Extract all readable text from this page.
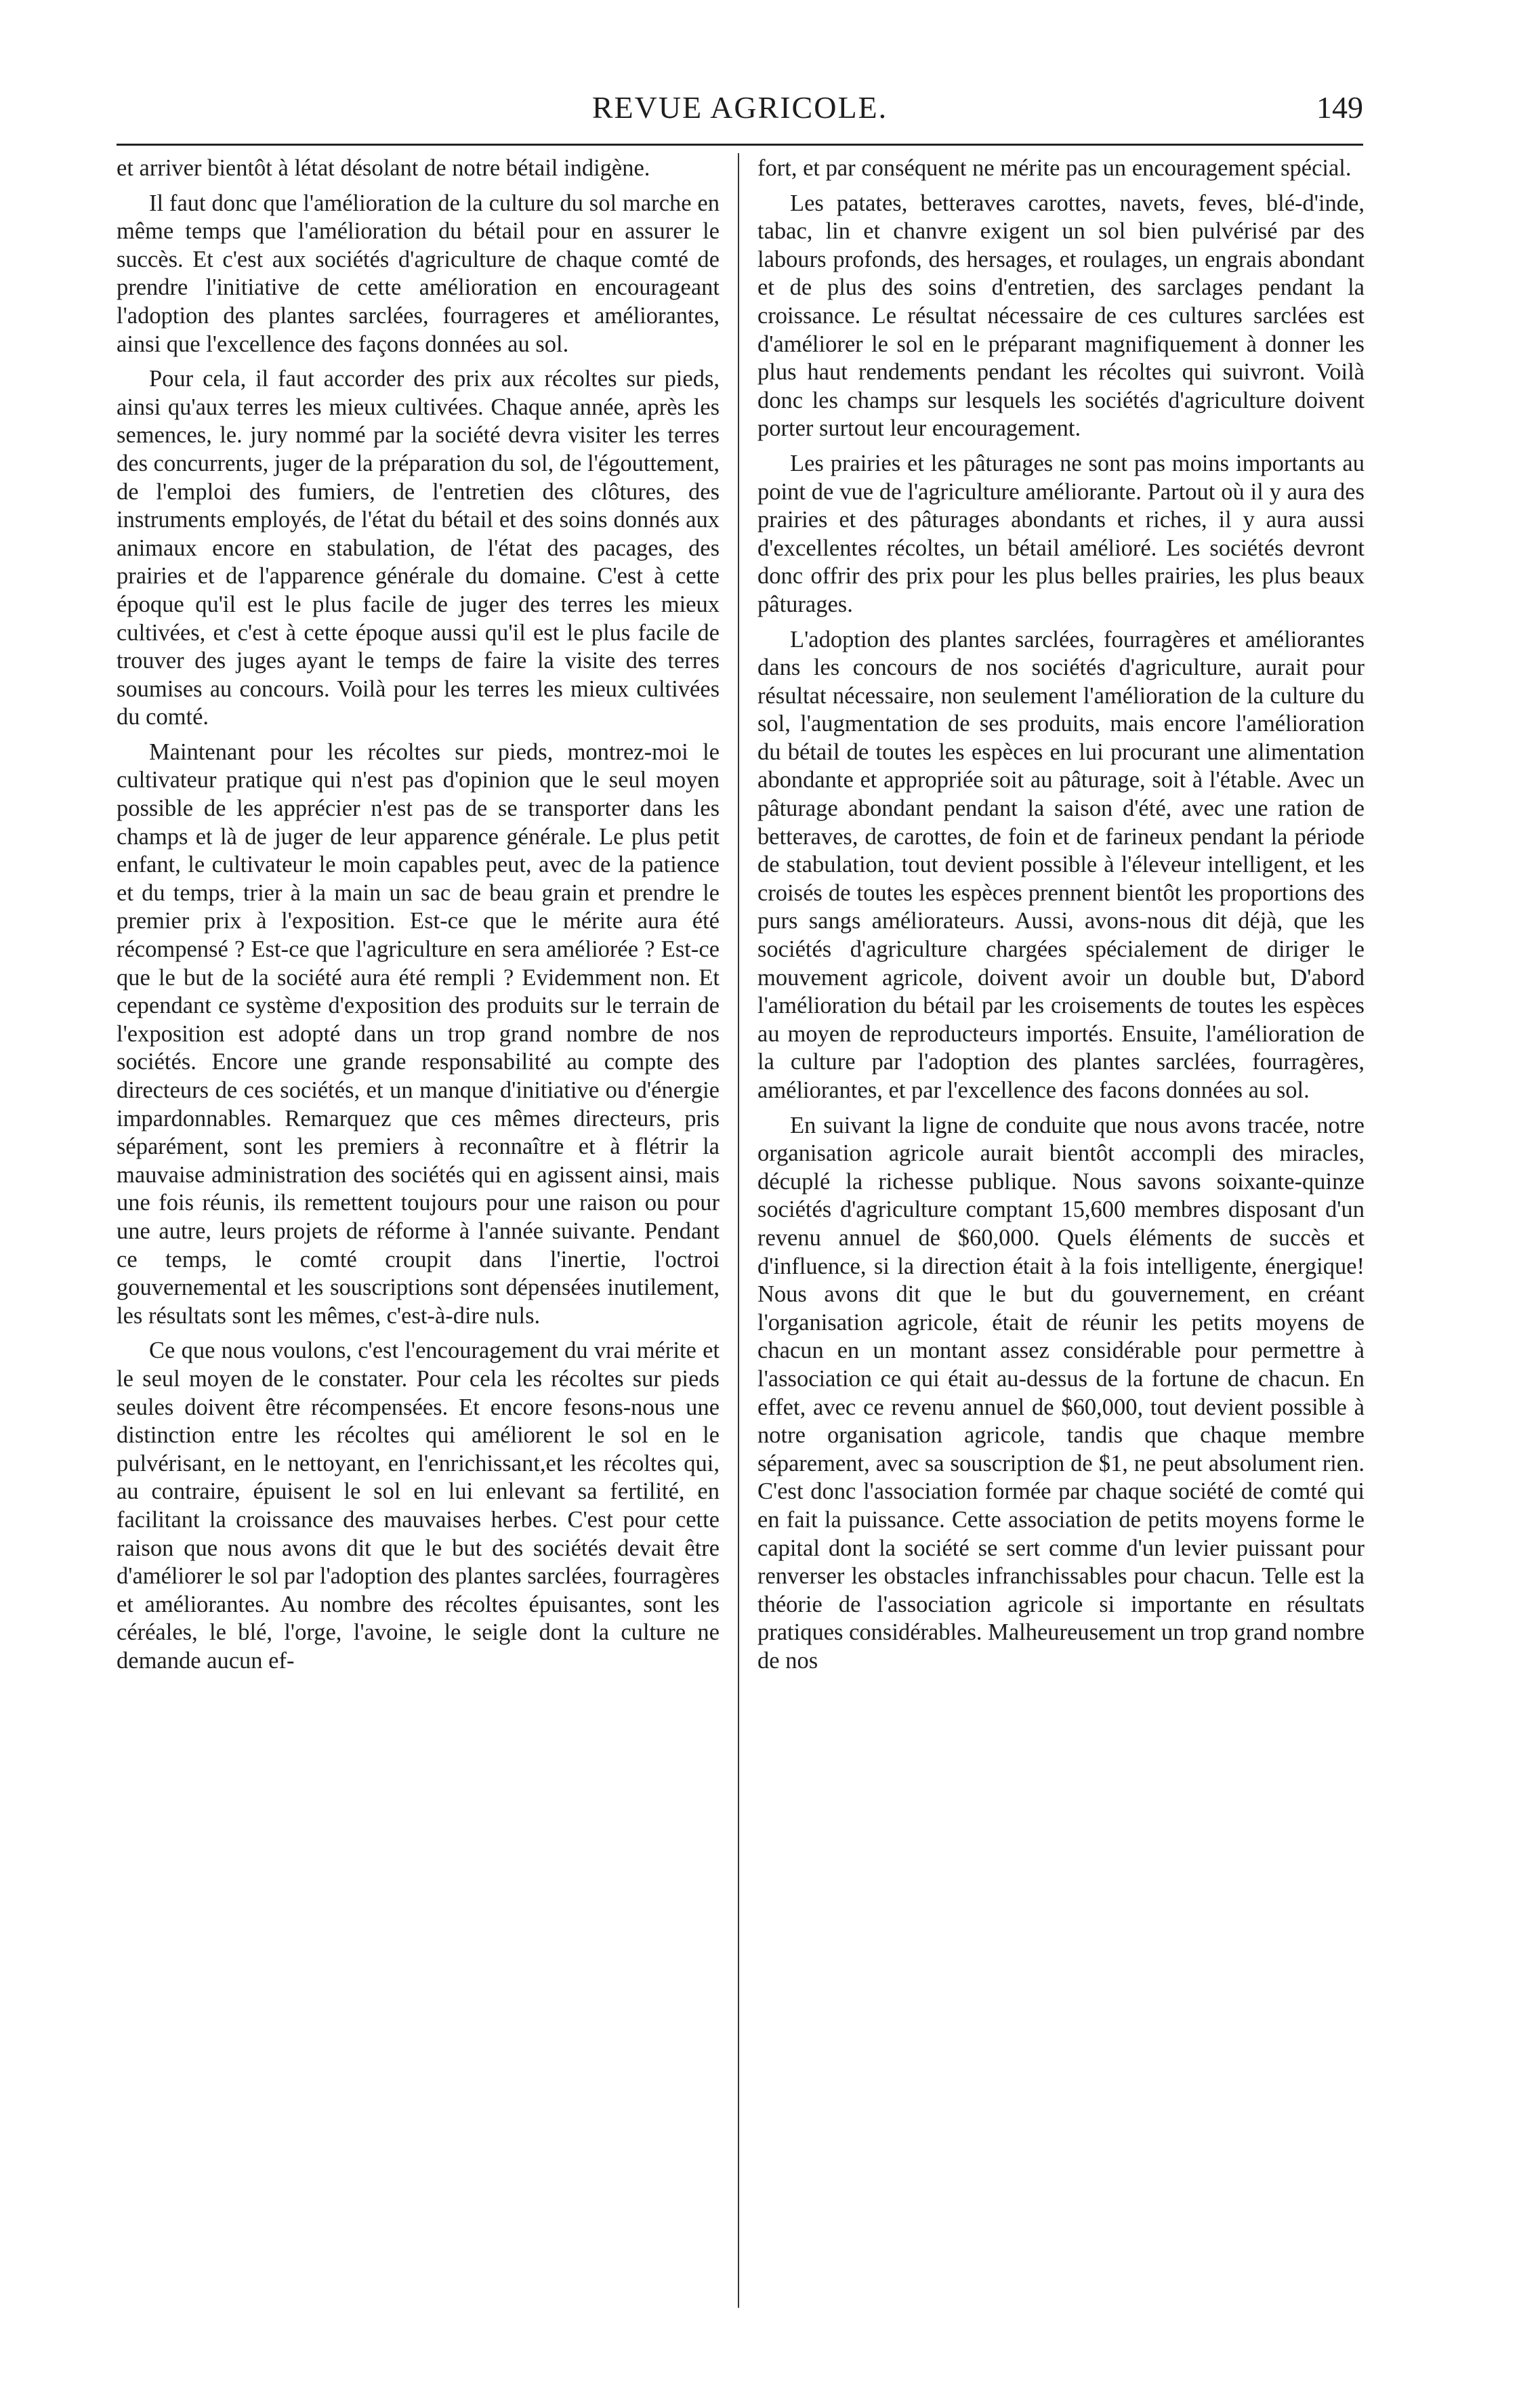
REVUE AGRICOLE.	149

et arriver bientôt à létat désolant de notre bétail indigène.

Il faut donc que l'amélioration de la culture du sol marche en même temps que l'amélioration du bétail pour en assurer le succès. Et c'est aux sociétés d'agriculture de chaque comté de prendre l'initiative de cette amélioration en encourageant l'adoption des plantes sarclées, fourrageres et améliorantes, ainsi que l'excellence des façons données au sol.

Pour cela, il faut accorder des prix aux récoltes sur pieds, ainsi qu'aux terres les mieux cultivées. Chaque année, après les semences, le. jury nommé par la société devra visiter les terres des concurrents, juger de la préparation du sol, de l'égouttement, de l'emploi des fumiers, de l'entretien des clôtures, des instruments employés, de l'état du bétail et des soins donnés aux animaux encore en stabulation, de l'état des pacages, des prairies et de l'apparence générale du domaine. C'est à cette époque qu'il est le plus facile de juger des terres les mieux cultivées, et c'est à cette époque aussi qu'il est le plus facile de trouver des juges ayant le temps de faire la visite des terres soumises au concours. Voilà pour les terres les mieux cultivées du comté.

Maintenant pour les récoltes sur pieds, montrez-moi le cultivateur pratique qui n'est pas d'opinion que le seul moyen possible de les apprécier n'est pas de se transporter dans les champs et là de juger de leur apparence générale. Le plus petit enfant, le cultivateur le moin capables peut, avec de la patience et du temps, trier à la main un sac de beau grain et prendre le premier prix à l'exposition. Est-ce que le mérite aura été récompensé ? Est-ce que l'agriculture en sera améliorée ? Est-ce que le but de la société aura été rempli ? Evidemment non. Et cependant ce système d'exposition des produits sur le terrain de l'exposition est adopté dans un trop grand nombre de nos sociétés. Encore une grande responsabilité au compte des directeurs de ces sociétés, et un manque d'initiative ou d'énergie impardonnables. Remarquez que ces mêmes directeurs, pris séparément, sont les premiers à reconnaître et à flétrir la mauvaise administration des sociétés qui en agissent ainsi, mais une fois réunis, ils remettent toujours pour une raison ou pour une autre, leurs projets de réforme à l'année suivante. Pendant ce temps, le comté croupit dans l'inertie, l'octroi gouvernemental et les souscriptions sont dépensées inutilement, les résultats sont les mêmes, c'est-à-dire nuls.

Ce que nous voulons, c'est l'encouragement du vrai mérite et le seul moyen de le constater. Pour cela les récoltes sur pieds seules doivent être récompensées. Et encore fesons-nous une distinction entre les récoltes qui améliorent le sol en le pulvérisant, en le nettoyant, en l'enrichissant,et les récoltes qui, au contraire, épuisent le sol en lui enlevant sa fertilité, en facilitant la croissance des mauvaises herbes. C'est pour cette raison que nous avons dit que le but des sociétés devait être d'améliorer le sol par l'adoption des plantes sarclées, fourragères et améliorantes. Au nombre des récoltes épuisantes, sont les céréales, le blé, l'orge, l'avoine, le seigle dont la culture ne demande aucun ef-

fort, et par conséquent ne mérite pas un encouragement spécial.

Les patates, betteraves carottes, navets, feves, blé-d'inde, tabac, lin et chanvre exigent un sol bien pulvérisé par des labours profonds, des hersages, et roulages, un engrais abondant et de plus des soins d'entretien, des sarclages pendant la croissance. Le résultat nécessaire de ces cultures sarclées est d'améliorer le sol en le préparant magnifiquement à donner les plus haut rendements pendant les récoltes qui suivront. Voilà donc les champs sur lesquels les sociétés d'agriculture doivent porter surtout leur encouragement.

Les prairies et les pâturages ne sont pas moins importants au point de vue de l'agriculture améliorante. Partout où il y aura des prairies et des pâturages abondants et riches, il y aura aussi d'excellentes récoltes, un bétail amélioré. Les sociétés devront donc offrir des prix pour les plus belles prairies, les plus beaux pâturages.

L'adoption des plantes sarclées, fourragères et améliorantes dans les concours de nos sociétés d'agriculture, aurait pour résultat nécessaire, non seulement l'amélioration de la culture du sol, l'augmentation de ses produits, mais encore l'amélioration du bétail de toutes les espèces en lui procurant une alimentation abondante et appropriée soit au pâturage, soit à l'étable. Avec un pâturage abondant pendant la saison d'été, avec une ration de betteraves, de carottes, de foin et de farineux pendant la période de stabulation, tout devient possible à l'éleveur intelligent, et les croisés de toutes les espèces prennent bientôt les proportions des purs sangs améliorateurs. Aussi, avons-nous dit déjà, que les sociétés d'agriculture chargées spécialement de diriger le mouvement agricole, doivent avoir un double but, D'abord l'amélioration du bétail par les croisements de toutes les espèces au moyen de reproducteurs importés. Ensuite, l'amélioration de la culture par l'adoption des plantes sarclées, fourragères, améliorantes, et par l'excellence des facons données au sol.

En suivant la ligne de conduite que nous avons tracée, notre organisation agricole aurait bientôt accompli des miracles, décuplé la richesse publique. Nous savons soixante-quinze sociétés d'agriculture comptant 15,600 membres disposant d'un revenu annuel de $60,000. Quels éléments de succès et d'influence, si la direction était à la fois intelligente, énergique! Nous avons dit que le but du gouvernement, en créant l'organisation agricole, était de réunir les petits moyens de chacun en un montant assez considérable pour permettre à l'association ce qui était au-dessus de la fortune de chacun. En effet, avec ce revenu annuel de $60,000, tout devient possible à notre organisation agricole, tandis que chaque membre séparement, avec sa souscription de $1, ne peut absolument rien. C'est donc l'association formée par chaque société de comté qui en fait la puissance. Cette association de petits moyens forme le capital dont la société se sert comme d'un levier puissant pour renverser les obstacles infranchissables pour chacun. Telle est la théorie de l'association agricole si importante en résultats pratiques considérables. Malheureusement un trop grand nombre de nos
